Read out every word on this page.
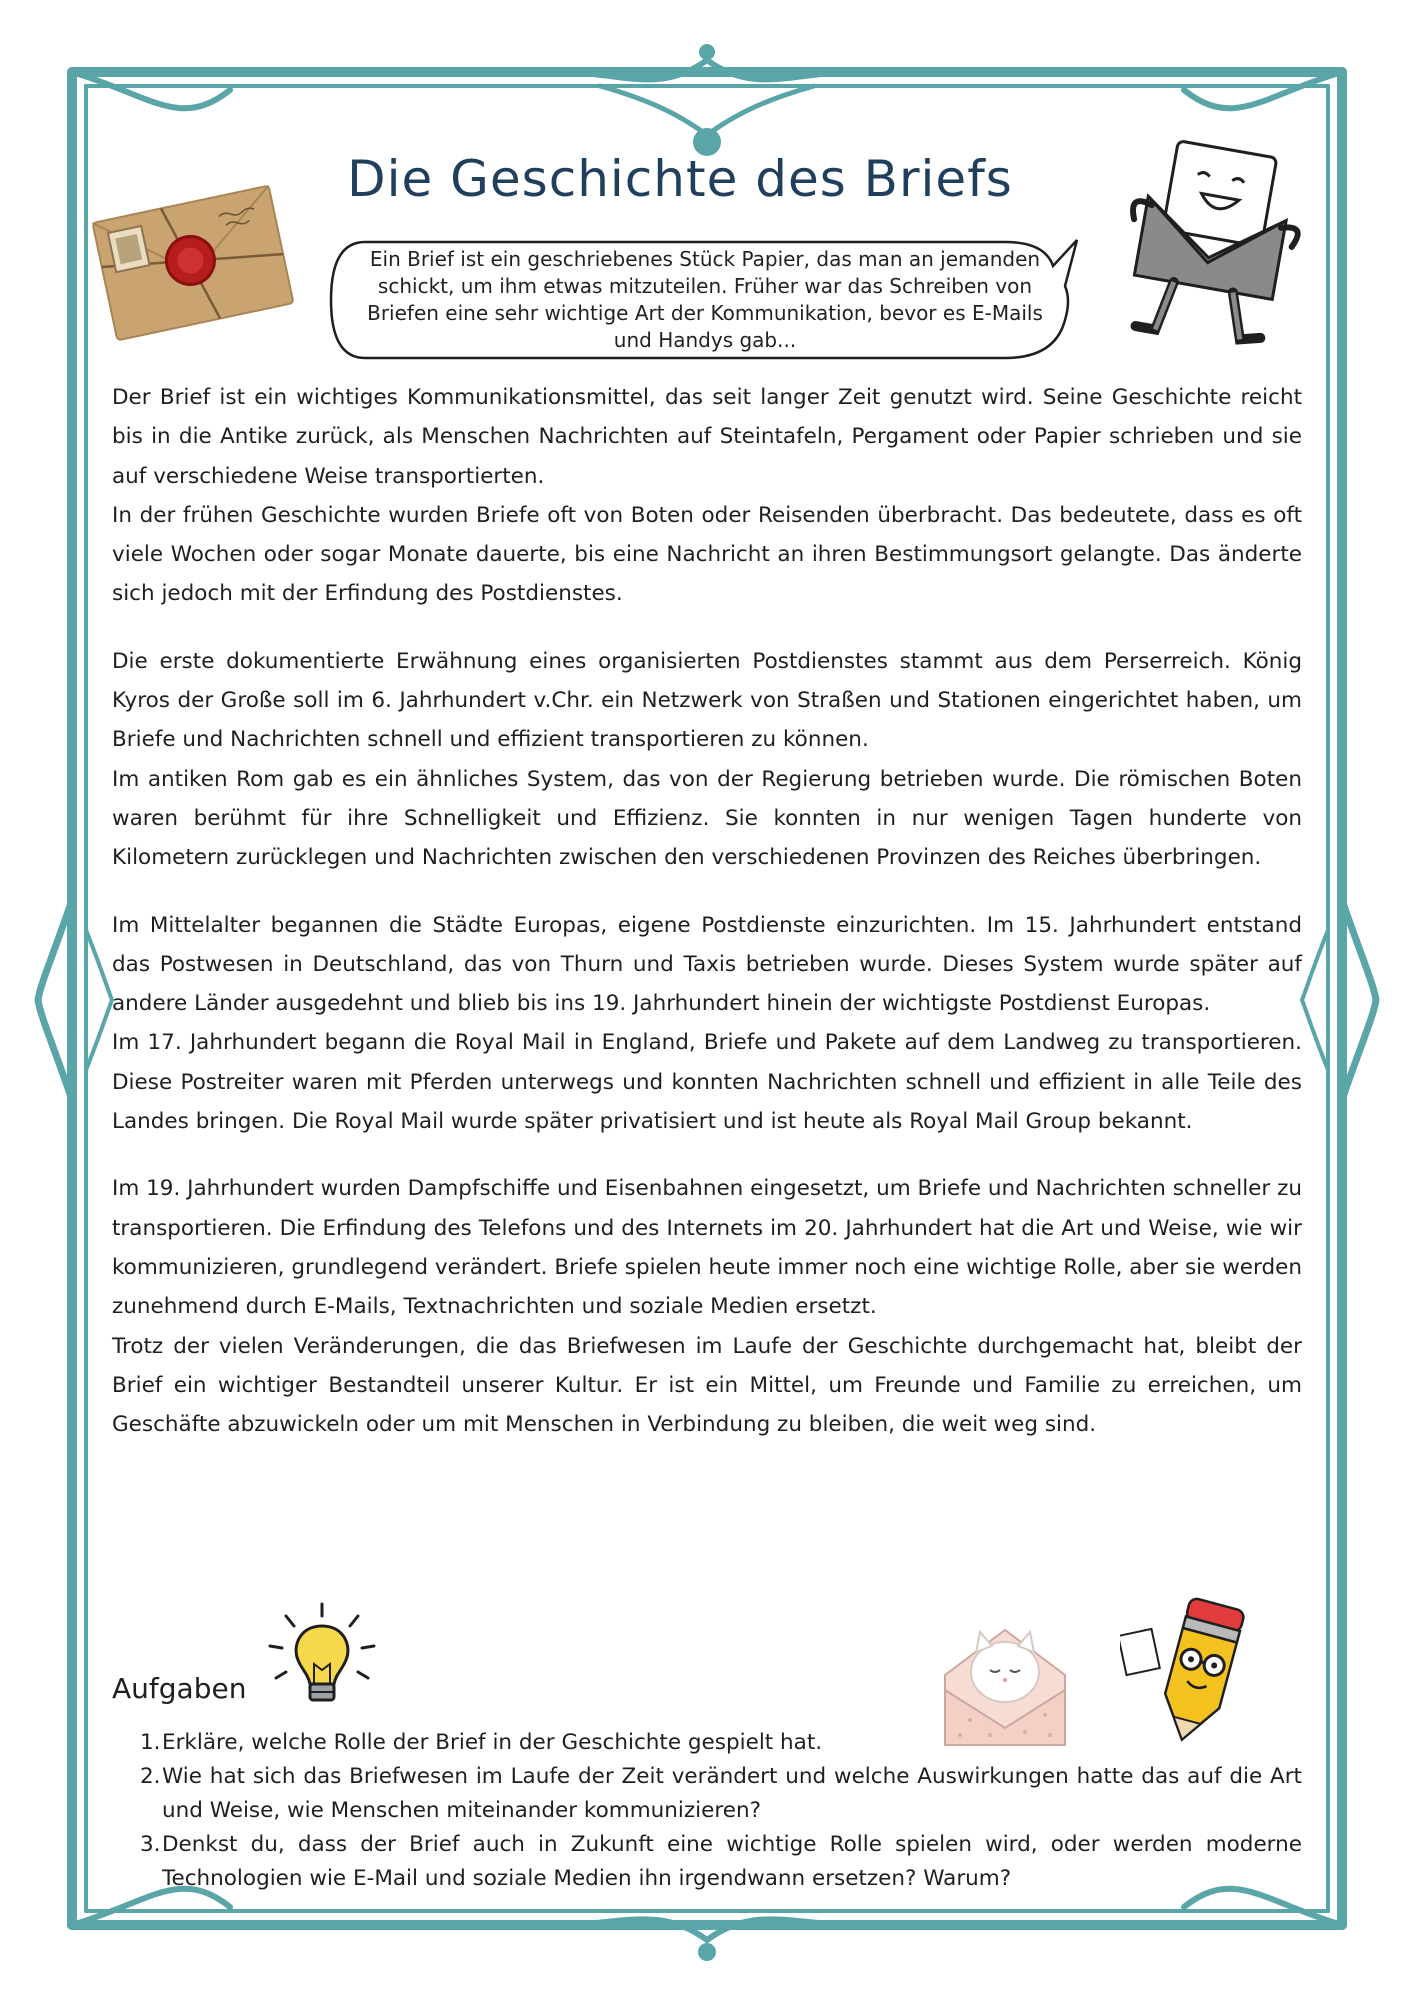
Die Geschichte des Briefs

Ein Brief ist ein geschriebenes Stück Papier, das man an jemanden schickt, um ihm etwas mitzuteilen. Früher war das Schreiben von Briefen eine sehr wichtige Art der Kommunikation, bevor es E-Mails und Handys gab...

Der Brief ist ein wichtiges Kommunikationsmittel, das seit langer Zeit genutzt wird. Seine Geschichte reicht bis in die Antike zurück, als Menschen Nachrichten auf Steintafeln, Pergament oder Papier schrieben und sie auf verschiedene Weise transportierten.

In der frühen Geschichte wurden Briefe oft von Boten oder Reisenden überbracht. Das bedeutete, dass es oft viele Wochen oder sogar Monate dauerte, bis eine Nachricht an ihren Bestimmungsort gelangte. Das änderte sich jedoch mit der Erfindung des Postdienstes.

Die erste dokumentierte Erwähnung eines organisierten Postdienstes stammt aus dem Perserreich. König Kyros der Große soll im 6. Jahrhundert v.Chr. ein Netzwerk von Straßen und Stationen eingerichtet haben, um Briefe und Nachrichten schnell und effizient transportieren zu können.

Im antiken Rom gab es ein ähnliches System, das von der Regierung betrieben wurde. Die römischen Boten waren berühmt für ihre Schnelligkeit und Effizienz. Sie konnten in nur wenigen Tagen hunderte von Kilometern zurücklegen und Nachrichten zwischen den verschiedenen Provinzen des Reiches überbringen.

Im Mittelalter begannen die Städte Europas, eigene Postdienste einzurichten. Im 15. Jahrhundert entstand das Postwesen in Deutschland, das von Thurn und Taxis betrieben wurde. Dieses System wurde später auf andere Länder ausgedehnt und blieb bis ins 19. Jahrhundert hinein der wichtigste Postdienst Europas.

Im 17. Jahrhundert begann die Royal Mail in England, Briefe und Pakete auf dem Landweg zu transportieren. Diese Postreiter waren mit Pferden unterwegs und konnten Nachrichten schnell und effizient in alle Teile des Landes bringen. Die Royal Mail wurde später privatisiert und ist heute als Royal Mail Group bekannt.

Im 19. Jahrhundert wurden Dampfschiffe und Eisenbahnen eingesetzt, um Briefe und Nachrichten schneller zu transportieren. Die Erfindung des Telefons und des Internets im 20. Jahrhundert hat die Art und Weise, wie wir kommunizieren, grundlegend verändert. Briefe spielen heute immer noch eine wichtige Rolle, aber sie werden zunehmend durch E-Mails, Textnachrichten und soziale Medien ersetzt.

Trotz der vielen Veränderungen, die das Briefwesen im Laufe der Geschichte durchgemacht hat, bleibt der Brief ein wichtiger Bestandteil unserer Kultur. Er ist ein Mittel, um Freunde und Familie zu erreichen, um Geschäfte abzuwickeln oder um mit Menschen in Verbindung zu bleiben, die weit weg sind.

Aufgaben
1. Erkläre, welche Rolle der Brief in der Geschichte gespielt hat.
2. Wie hat sich das Briefwesen im Laufe der Zeit verändert und welche Auswirkungen hatte das auf die Art und Weise, wie Menschen miteinander kommunizieren?
3. Denkst du, dass der Brief auch in Zukunft eine wichtige Rolle spielen wird, oder werden moderne Technologien wie E-Mail und soziale Medien ihn irgendwann ersetzen? Warum?
